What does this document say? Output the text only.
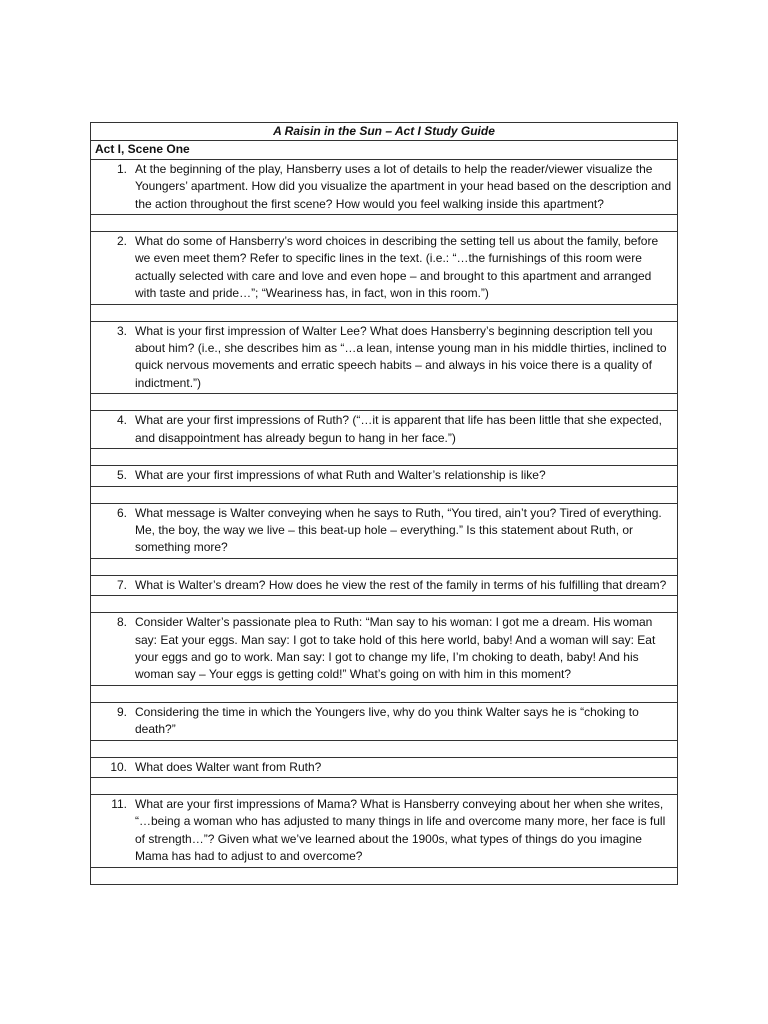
A Raisin in the Sun – Act I Study Guide
Act I, Scene One

1. At the beginning of the play, Hansberry uses a lot of details to help the reader/viewer visualize the Youngers’ apartment. How did you visualize the apartment in your head based on the description and the action throughout the first scene? How would you feel walking inside this apartment?

2. What do some of Hansberry’s word choices in describing the setting tell us about the family, before we even meet them? Refer to specific lines in the text. (i.e.: “…the furnishings of this room were actually selected with care and love and even hope – and brought to this apartment and arranged with taste and pride…”; “Weariness has, in fact, won in this room.”)

3. What is your first impression of Walter Lee? What does Hansberry’s beginning description tell you about him? (i.e., she describes him as “…a lean, intense young man in his middle thirties, inclined to quick nervous movements and erratic speech habits – and always in his voice there is a quality of indictment.”)

4. What are your first impressions of Ruth? (“…it is apparent that life has been little that she expected, and disappointment has already begun to hang in her face.”)

5. What are your first impressions of what Ruth and Walter’s relationship is like?

6. What message is Walter conveying when he says to Ruth, “You tired, ain’t you? Tired of everything. Me, the boy, the way we live – this beat-up hole – everything.” Is this statement about Ruth, or something more?

7. What is Walter’s dream? How does he view the rest of the family in terms of his fulfilling that dream?

8. Consider Walter’s passionate plea to Ruth: “Man say to his woman: I got me a dream. His woman say: Eat your eggs. Man say: I got to take hold of this here world, baby! And a woman will say: Eat your eggs and go to work. Man say: I got to change my life, I’m choking to death, baby! And his woman say – Your eggs is getting cold!” What’s going on with him in this moment?

9. Considering the time in which the Youngers live, why do you think Walter says he is “choking to death?”

10. What does Walter want from Ruth?

11. What are your first impressions of Mama? What is Hansberry conveying about her when she writes, “…being a woman who has adjusted to many things in life and overcome many more, her face is full of strength…”? Given what we’ve learned about the 1900s, what types of things do you imagine Mama has had to adjust to and overcome?
